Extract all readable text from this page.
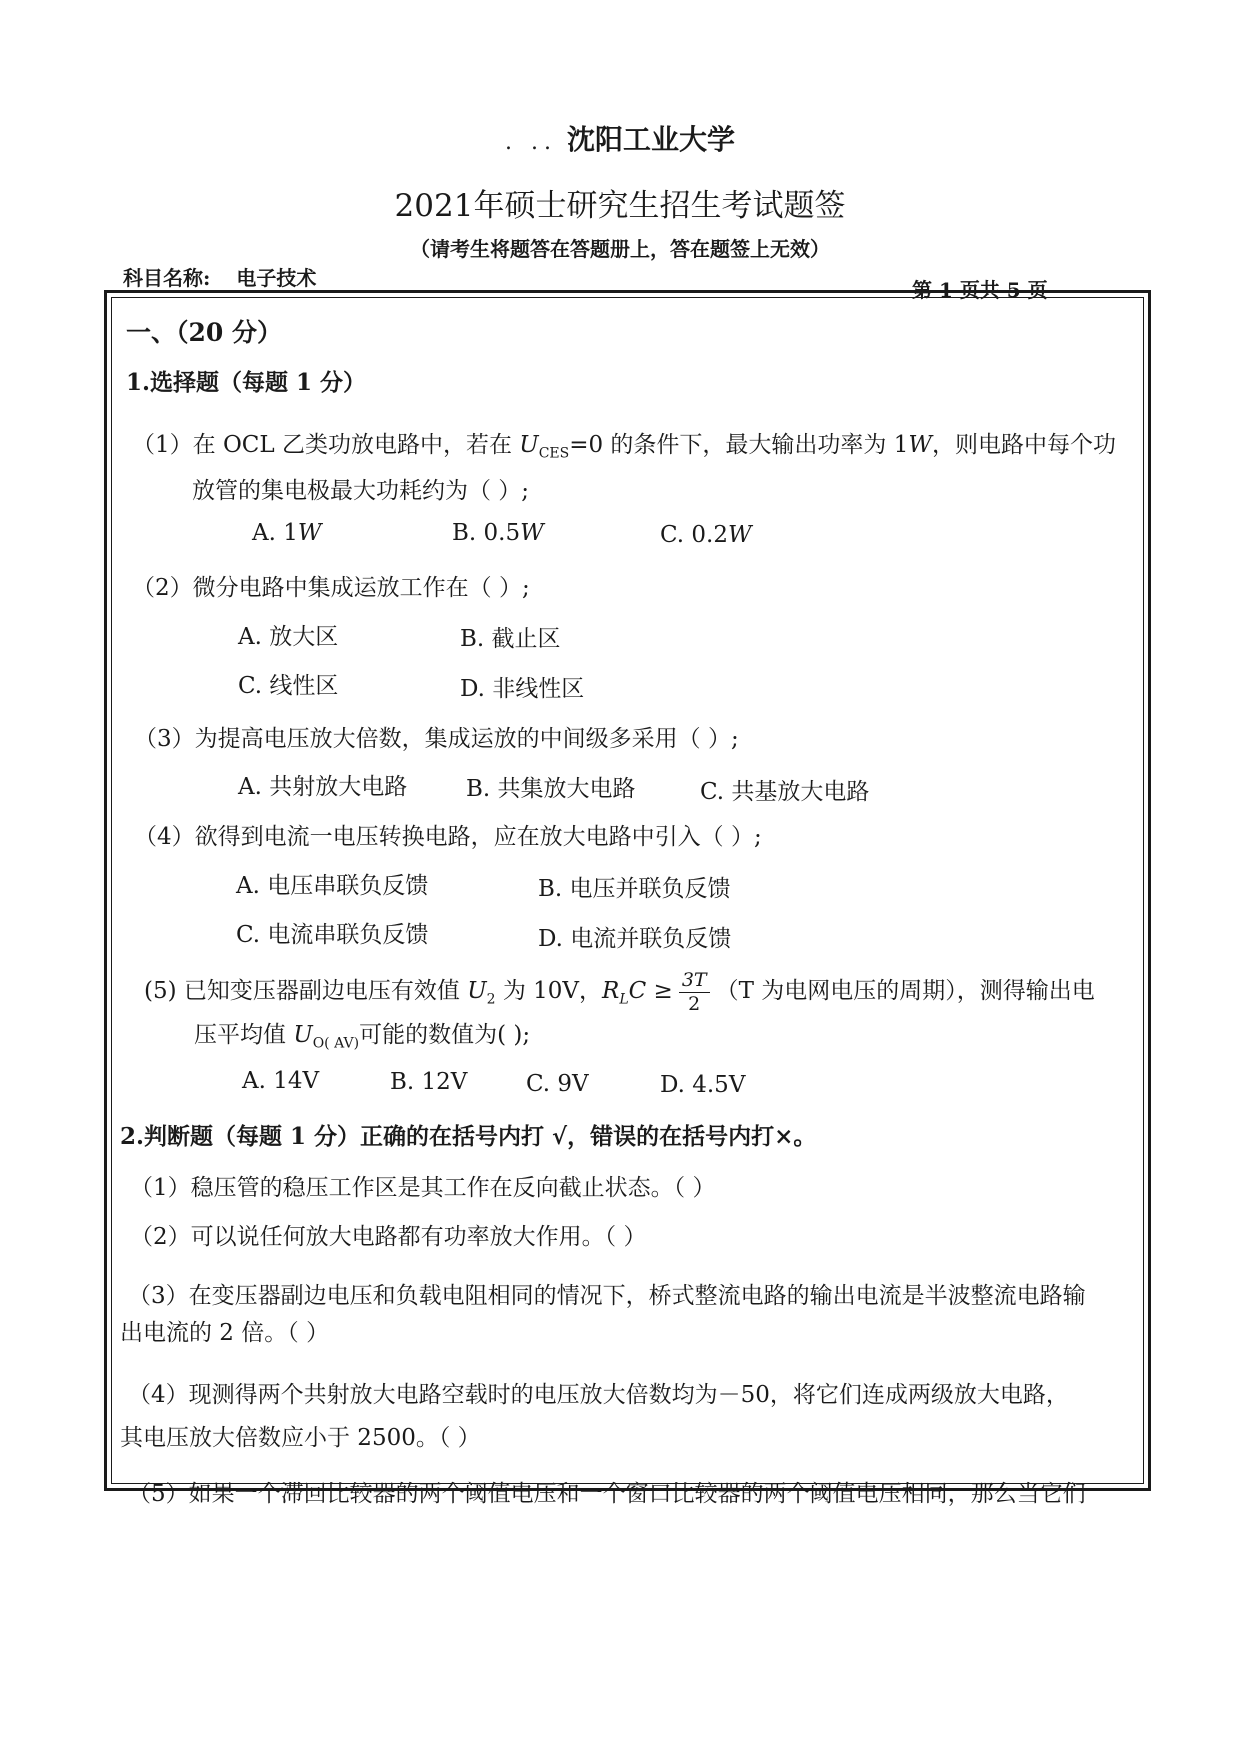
. .. 沈阳工业大学
2021年硕士研究生招生考试题签
（请考生将题答在答题册上，答在题签上无效）
科目名称: 电子技术	第 1 页共 5 页
一、（20 分）
1.选择题（每题 1 分）
（1）在 OCL 乙类功放电路中，若在 $U_{CES}=0$ 的条件下，最大输出功率为 1W，则电路中每个功
放管的集电极最大功耗约为（ ）;
A. 1W	B. 0.5W	C. 0.2W
（2）微分电路中集成运放工作在（ ）;
A. 放大区	B. 截止区
C. 线性区	D. 非线性区
（3）为提高电压放大倍数，集成运放的中间级多采用（ ）;
A. 共射放大电路	B. 共集放大电路	C. 共基放大电路
（4）欲得到电流一电压转换电路，应在放大电路中引入（ ）;
A. 电压串联负反馈	B. 电压并联负反馈
C. 电流串联负反馈	D. 电流并联负反馈
(5) 已知变压器副边电压有效值 $U_2$ 为 10V，$R_LC \ge \frac{3T}{2} (T$ 为电网电压的周期），测得输出电
压平均值 $U_{O( AV)}$可能的数值为( );
A. 14V	B. 12V	C. 9V	D. 4.5V
2.判断题（每题 1 分）正确的在括号内打 √，错误的在括号内打×。
（1）稳压管的稳压工作区是其工作在反向截止状态。（ ）
（2）可以说任何放大电路都有功率放大作用。（ ）
（3）在变压器副边电压和负载电阻相同的情况下，桥式整流电路的输出电流是半波整流电路输
出电流的 2 倍。（ ）
（4）现测得两个共射放大电路空载时的电压放大倍数均为－50，将它们连成两级放大电路，
其电压放大倍数应小于 2500。（ ）
（5）如果一个滞回比较器的两个阈值电压和一个窗口比较器的两个阈值电压相同，那么当它们
